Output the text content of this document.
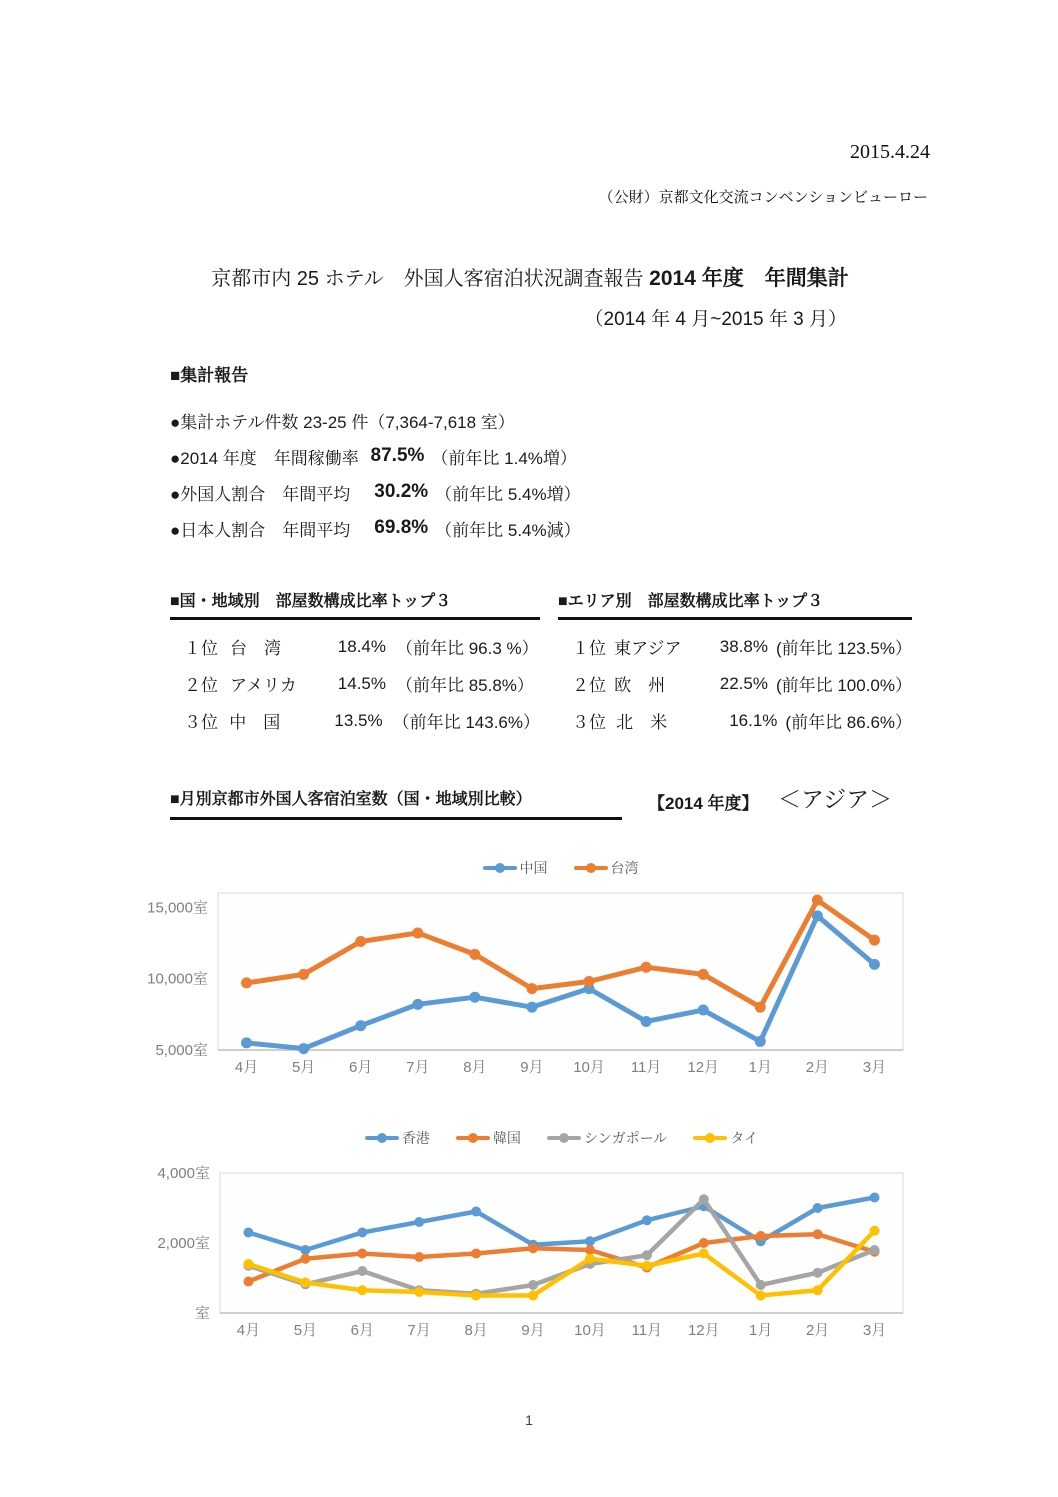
2015.4.24
（公財）京都文化交流コンベンションビューロー
京都市内 25 ホテル　外国人客宿泊状況調査報告 2014 年度　年間集計
（2014 年 4 月~2015 年 3 月）
■集計報告
●集計ホテル件数 23-25 件（7,364-7,618 室）
●2014 年度　年間稼働率 87.5% （前年比 1.4%増）
●外国人割合　年間平均　 30.2% （前年比 5.4%増）
●日本人割合　年間平均　 69.8% （前年比 5.4%減）
■国・地域別　部屋数構成比率トップ３
１位 台　湾	18.4% （前年比 96.3 %）
２位 アメリカ	14.5% （前年比 85.8%）
３位 中　国	13.5% （前年比 143.6%）
■エリア別　部屋数構成比率トップ３
１位 東アジア	38.8% (前年比 123.5%）
２位 欧　州	22.5% (前年比 100.0%）
３位 北　米	16.1% (前年比 86.6%）
■月別京都市外国人客宿泊室数（国・地域別比較）	【2014 年度】 ＜アジア＞
中国	台湾
5,000室
10,000室
15,000室
4月 5月 6月 7月 8月 9月 10月 11月 12月 1月 2月 3月
香港	韓国	シンガポール	タイ
室
2,000室
4,000室
4月 5月 6月 7月 8月 9月 10月 11月 12月 1月 2月 3月
1
